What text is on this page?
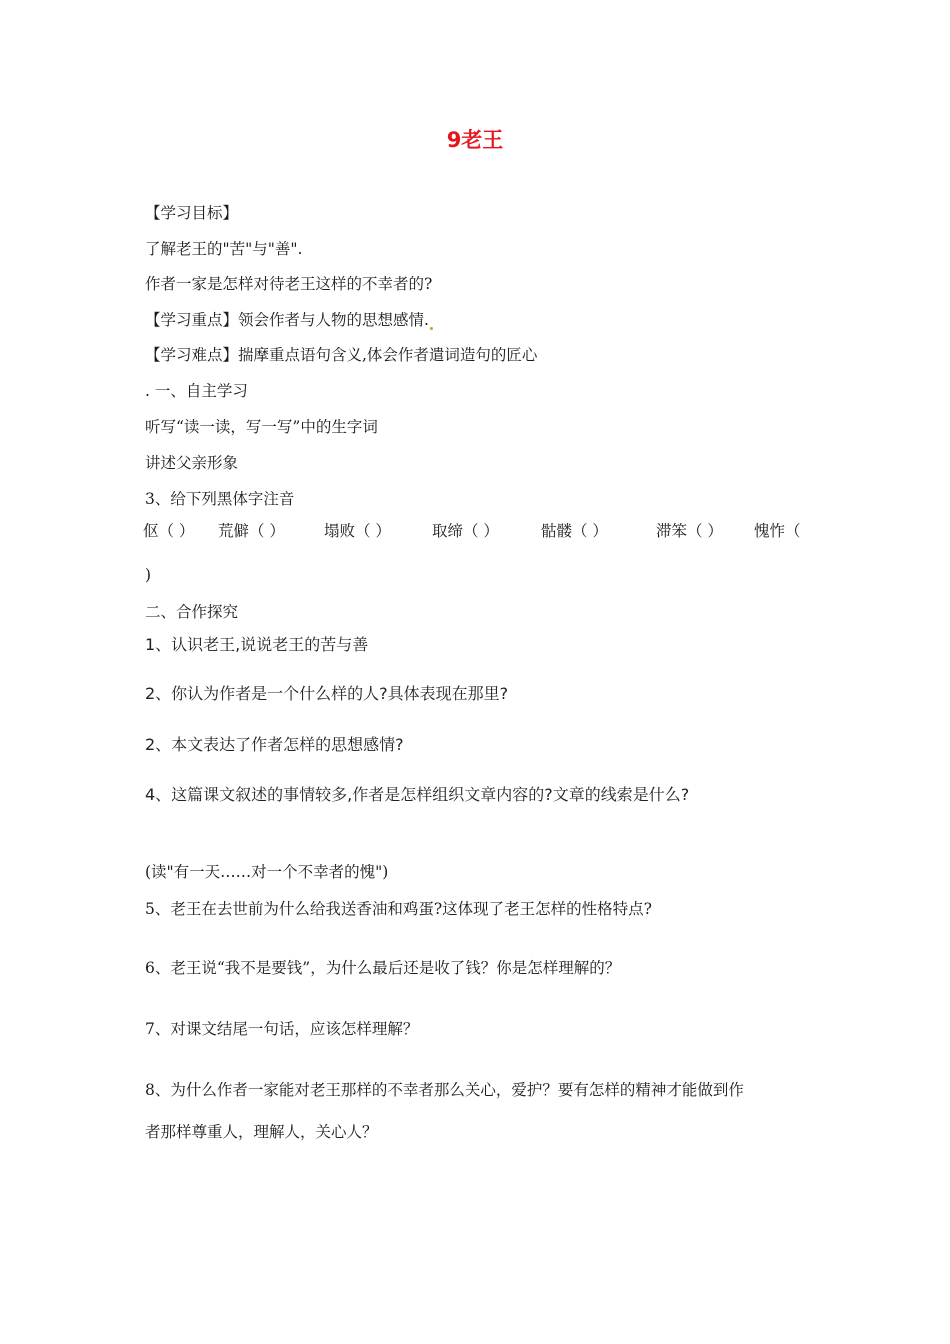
9老王
【学习目标】
了解老王的"苦"与"善".
作者一家是怎样对待老王这样的不幸者的?
【学习重点】领会作者与人物的思想感情.
【学习难点】揣摩重点语句含义,体会作者遣词造句的匠心
. 一、自主学习
听写“读一读，写一写”中的生字词
讲述父亲形象
3、给下列黑体字注音
伛（ ） 荒僻（ ）	塌败（ ）	取缔（ ）	骷髅（ ）	滞笨（ ） 愧怍（
)
二、合作探究
1、认识老王,说说老王的苦与善
2、你认为作者是一个什么样的人?具体表现在那里?
2、本文表达了作者怎样的思想感情?
4、这篇课文叙述的事情较多,作者是怎样组织文章内容的?文章的线索是什么?
(读"有一天……对一个不幸者的愧")
5、老王在去世前为什么给我送香油和鸡蛋?这体现了老王怎样的性格特点?
6、老王说“我不是要钱”，为什么最后还是收了钱？你是怎样理解的？
7、对课文结尾一句话，应该怎样理解？
8、为什么作者一家能对老王那样的不幸者那么关心，爱护？要有怎样的精神才能做到作
者那样尊重人，理解人，关心人？
